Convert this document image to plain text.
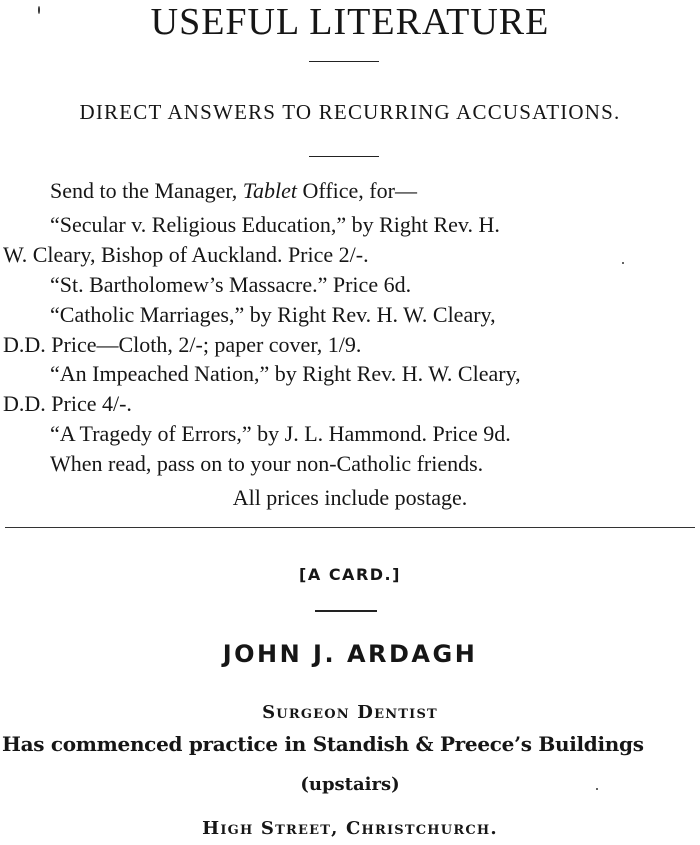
USEFUL LITERATURE
DIRECT ANSWERS TO RECURRING ACCUSATIONS.
Send to the Manager, Tablet Office, for—
“Secular v. Religious Education,” by Right Rev. H.
W. Cleary, Bishop of Auckland. Price 2/-.
“St. Bartholomew’s Massacre.” Price 6d.
“Catholic Marriages,” by Right Rev. H. W. Cleary,
D.D. Price—Cloth, 2/-; paper cover, 1/9.
“An Impeached Nation,” by Right Rev. H. W. Cleary,
D.D. Price 4/-.
“A Tragedy of Errors,” by J. L. Hammond. Price 9d.
When read, pass on to your non-Catholic friends.
All prices include postage.
[A CARD.]
JOHN J. ARDAGH
Surgeon Dentist
Has commenced practice in Standish & Preece’s Buildings
(upstairs)
High Street, Christchurch.
